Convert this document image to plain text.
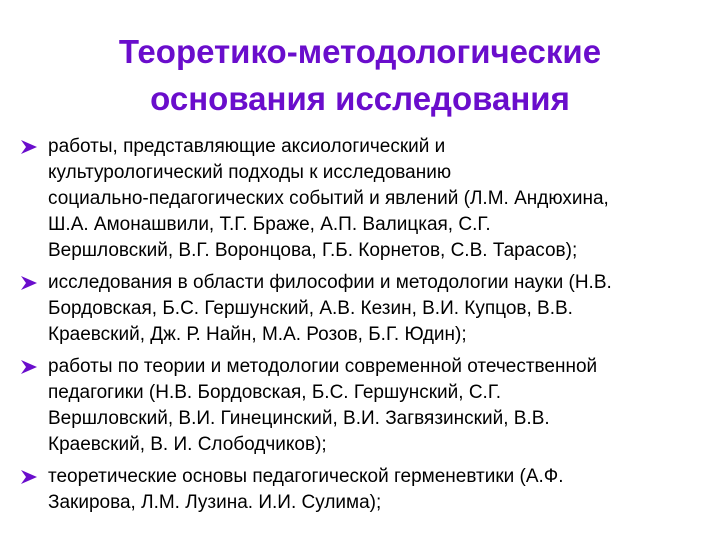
Теоретико-методологические
основания исследования
работы, представляющие аксиологический и
культурологический подходы к исследованию
социально-педагогических событий и явлений (Л.М. Андюхина,
Ш.А. Амонашвили, Т.Г. Браже, А.П. Валицкая, С.Г.
Вершловский, В.Г. Воронцова, Г.Б. Корнетов, С.В. Тарасов);
исследования в области философии и методологии науки (Н.В.
Бордовская, Б.С. Гершунский, А.В. Кезин, В.И. Купцов, В.В.
Краевский, Дж. Р. Найн, М.А. Розов, Б.Г. Юдин);
работы по теории и методологии современной отечественной
педагогики (Н.В. Бордовская, Б.С. Гершунский, С.Г.
Вершловский, В.И. Гинецинский, В.И. Загвязинский, В.В.
Краевский, В. И. Слободчиков);
теоретические основы педагогической герменевтики (А.Ф.
Закирова, Л.М. Лузина. И.И. Сулима);
